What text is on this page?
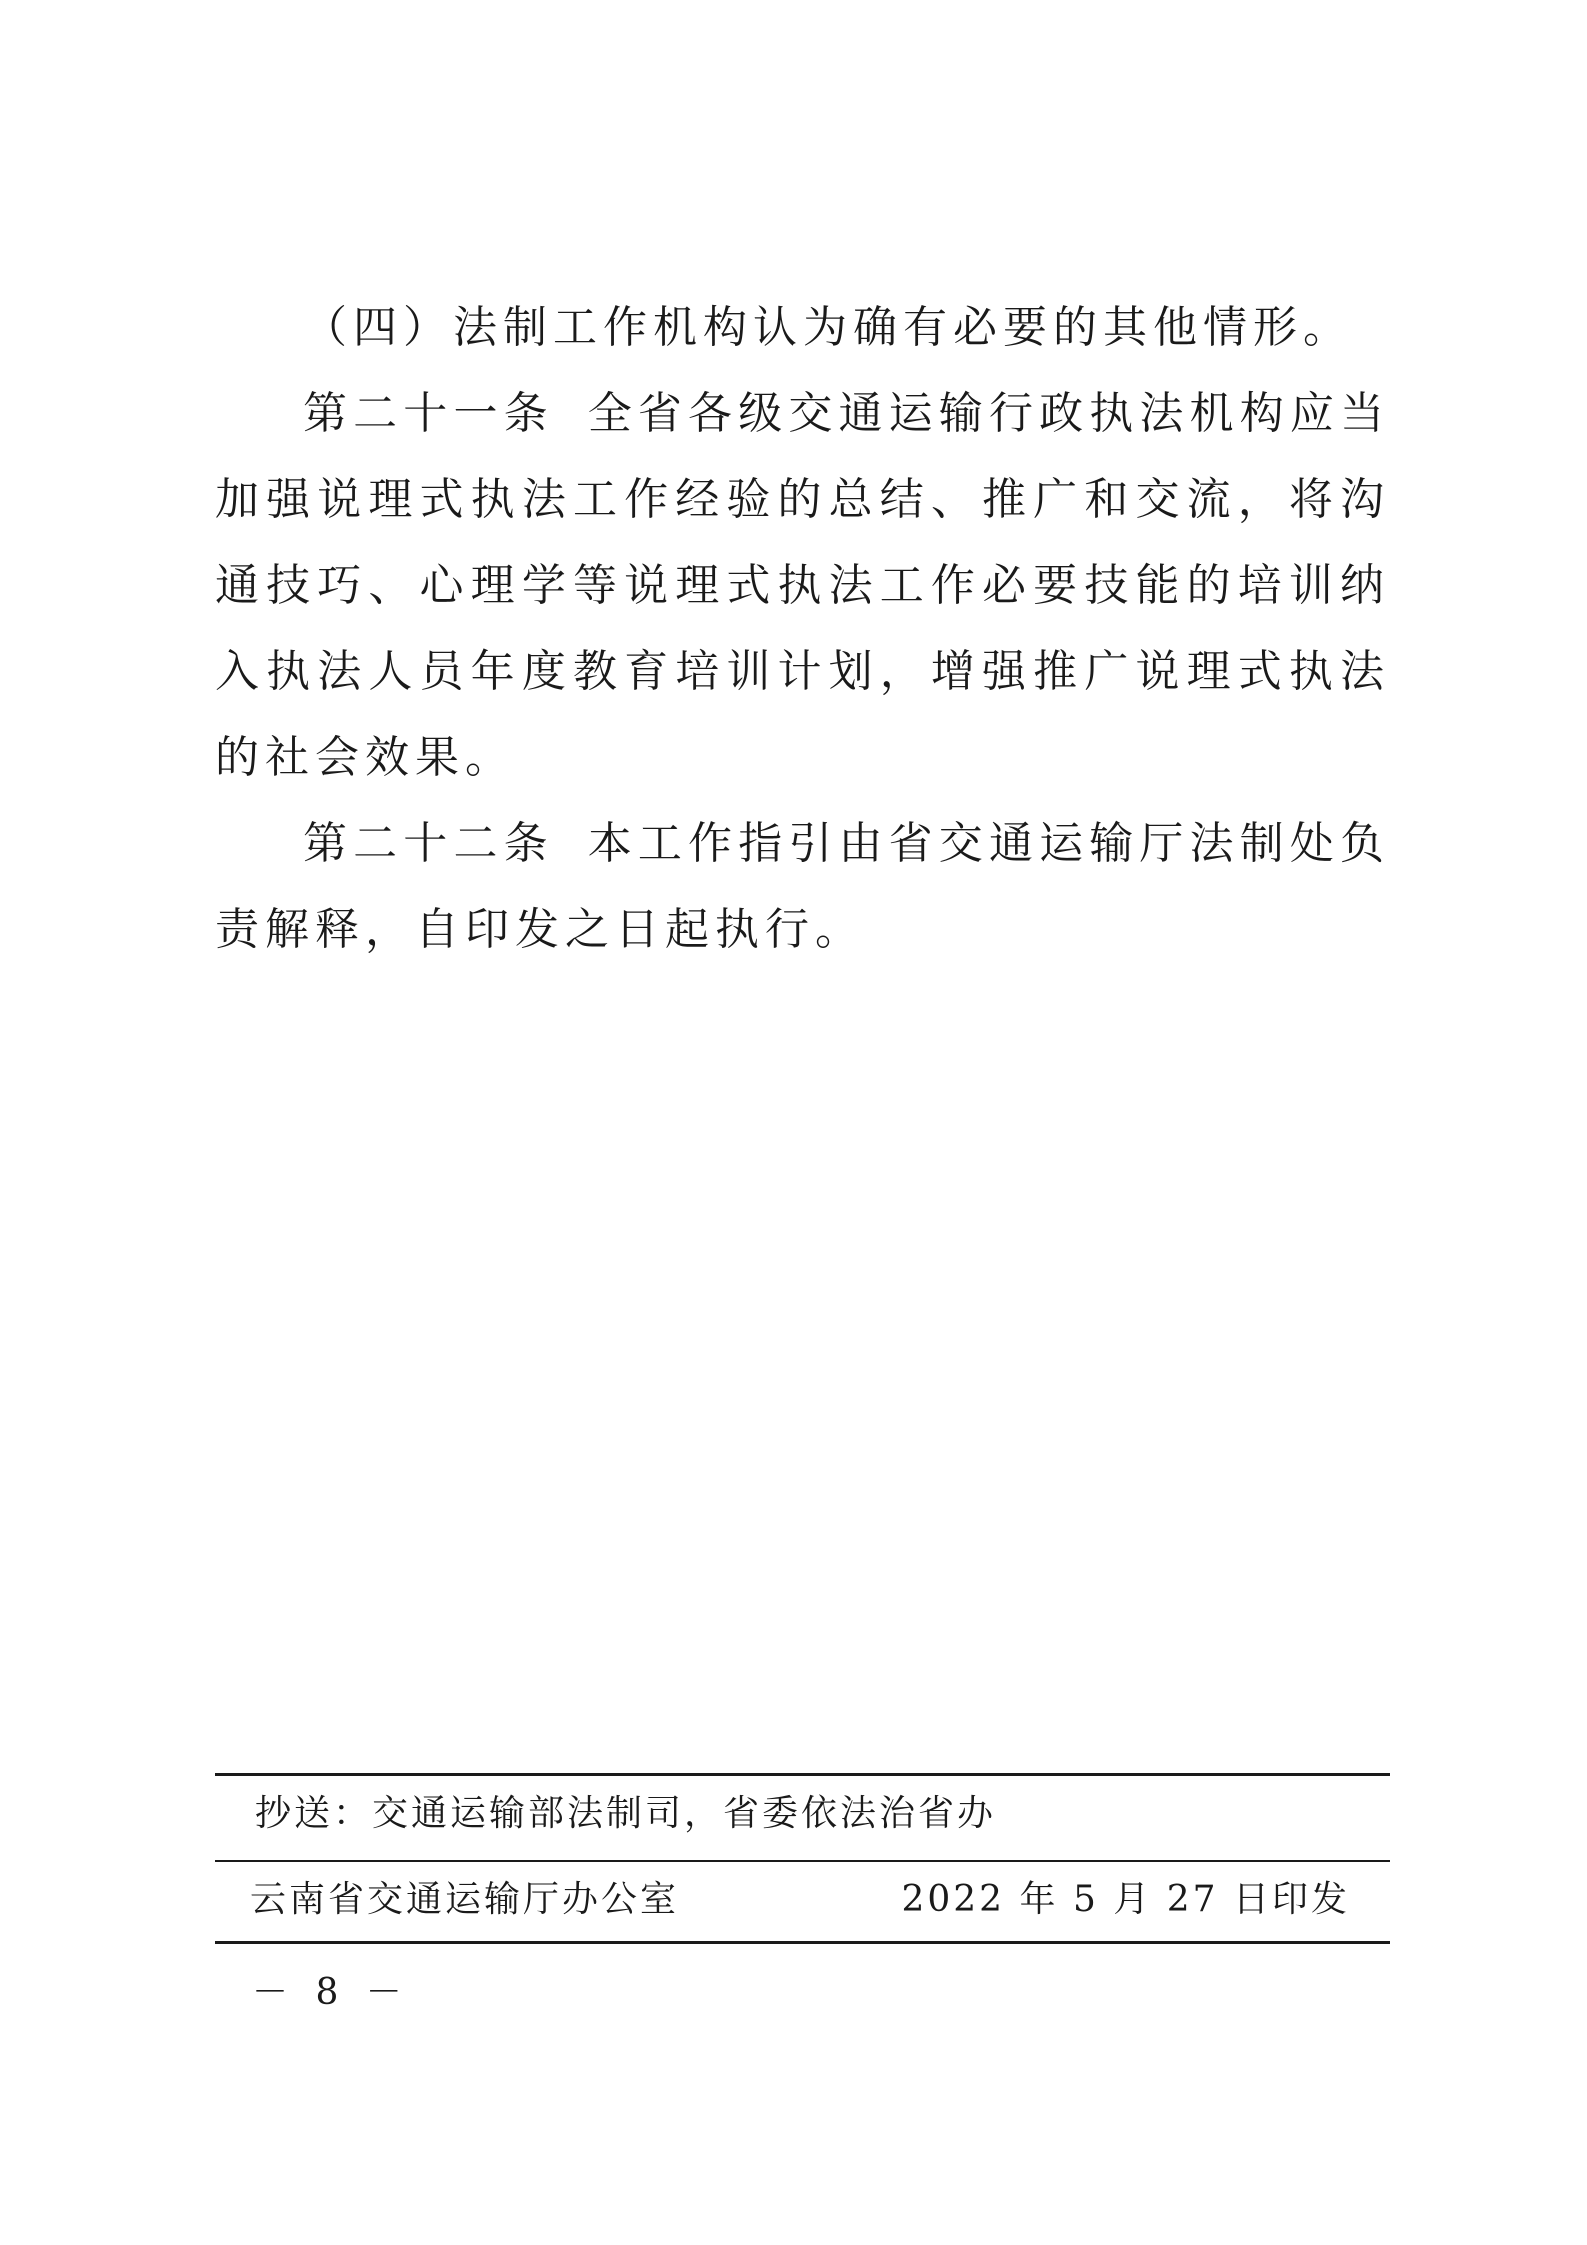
（四）法制工作机构认为确有必要的其他情形。

第二十一条 全省各级交通运输行政执法机构应当加强说理式执法工作经验的总结、推广和交流，将沟通技巧、心理学等说理式执法工作必要技能的培训纳入执法人员年度教育培训计划，增强推广说理式执法的社会效果。

第二十二条 本工作指引由省交通运输厅法制处负责解释，自印发之日起执行。

抄送：交通运输部法制司，省委依法治省办
云南省交通运输厅办公室	2022 年 5 月 27 日印发
－ 8 －
